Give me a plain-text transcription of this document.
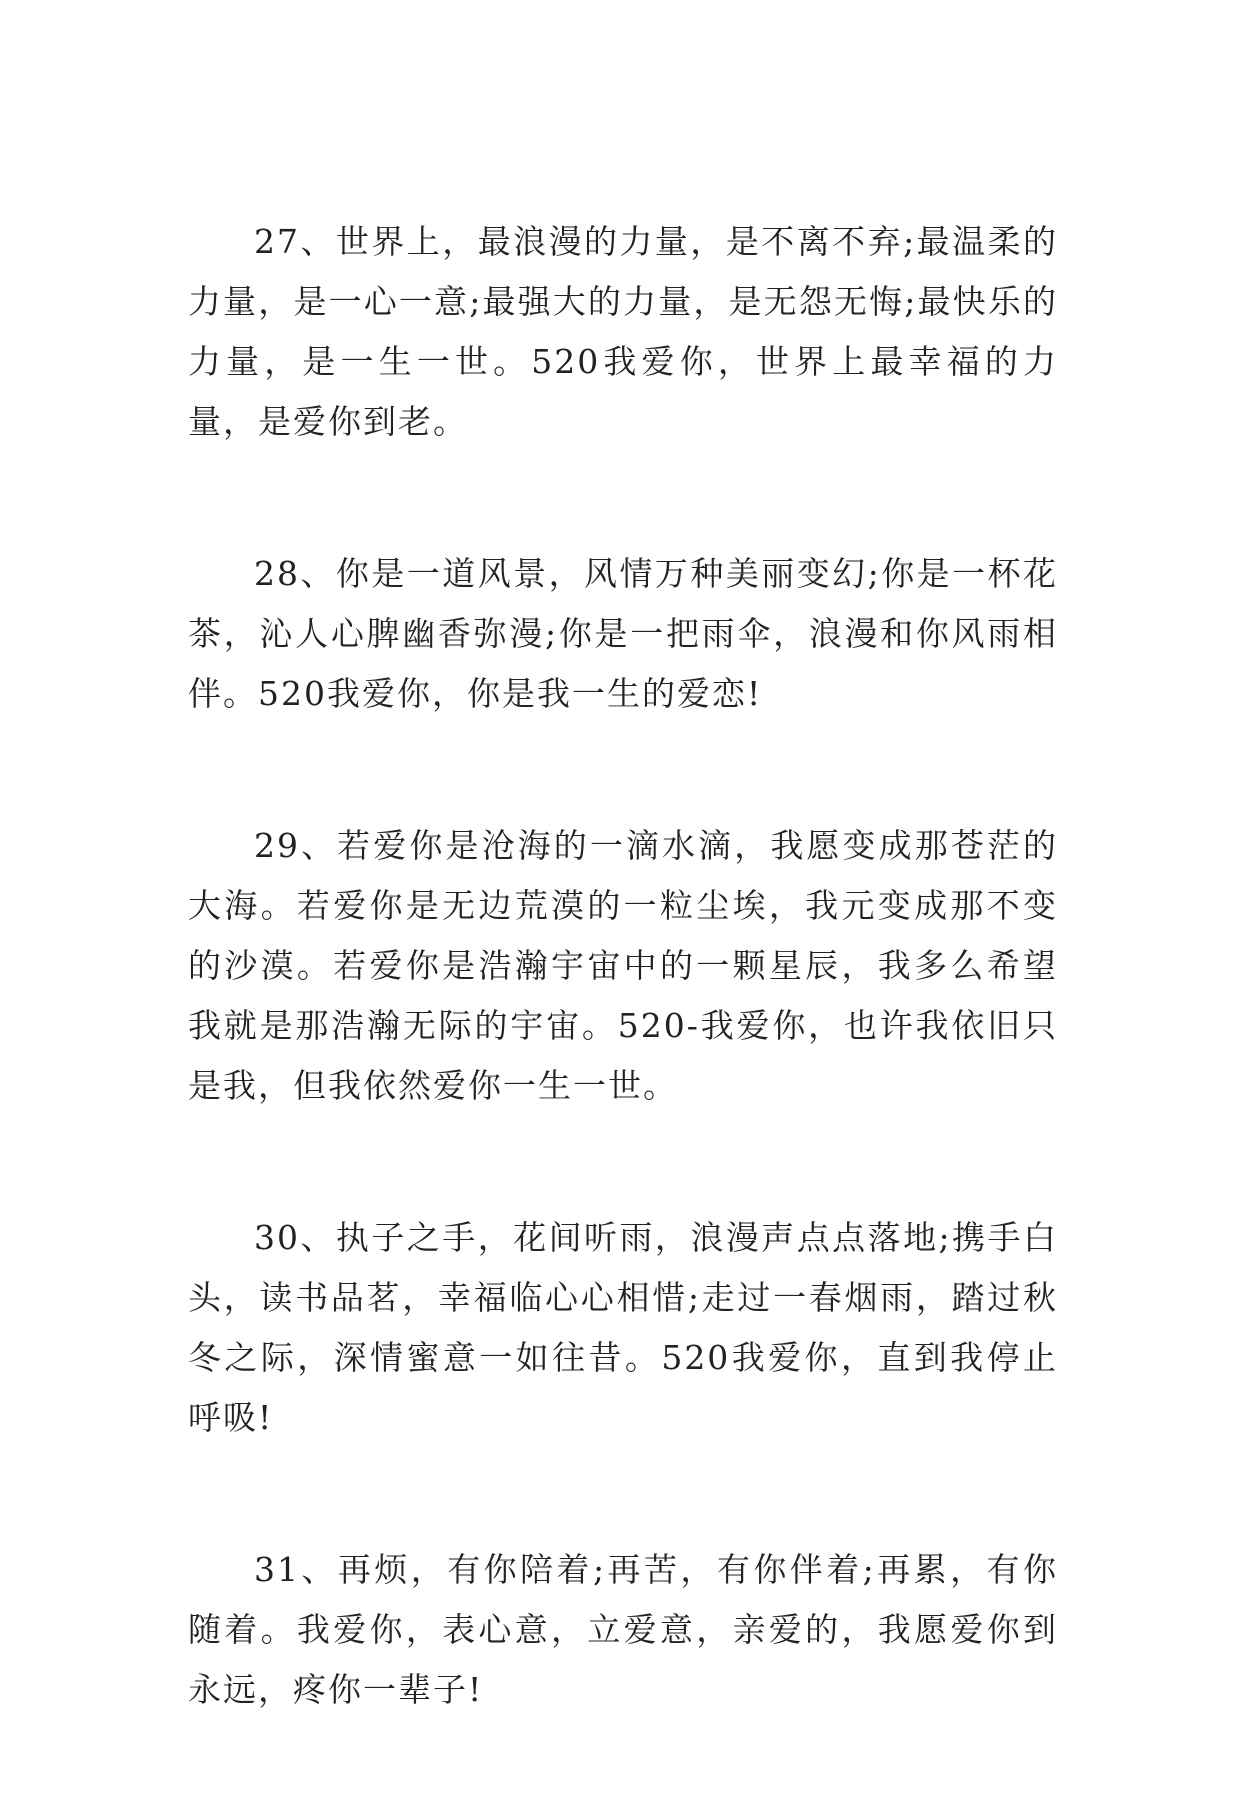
27、世界上，最浪漫的力量，是不离不弃;最温柔的力量，是一心一意;最强大的力量，是无怨无悔;最快乐的力量，是一生一世。520我爱你，世界上最幸福的力量，是爱你到老。

28、你是一道风景，风情万种美丽变幻;你是一杯花茶，沁人心脾幽香弥漫;你是一把雨伞，浪漫和你风雨相伴。520我爱你，你是我一生的爱恋!

29、若爱你是沧海的一滴水滴，我愿变成那苍茫的大海。若爱你是无边荒漠的一粒尘埃，我元变成那不变的沙漠。若爱你是浩瀚宇宙中的一颗星辰，我多么希望我就是那浩瀚无际的宇宙。520-我爱你，也许我依旧只是我，但我依然爱你一生一世。

30、执子之手，花间听雨，浪漫声点点落地;携手白头，读书品茗，幸福临心心相惜;走过一春烟雨，踏过秋冬之际，深情蜜意一如往昔。520我爱你，直到我停止呼吸!

31、再烦，有你陪着;再苦，有你伴着;再累，有你随着。我爱你，表心意，立爱意，亲爱的，我愿爱你到永远，疼你一辈子!
